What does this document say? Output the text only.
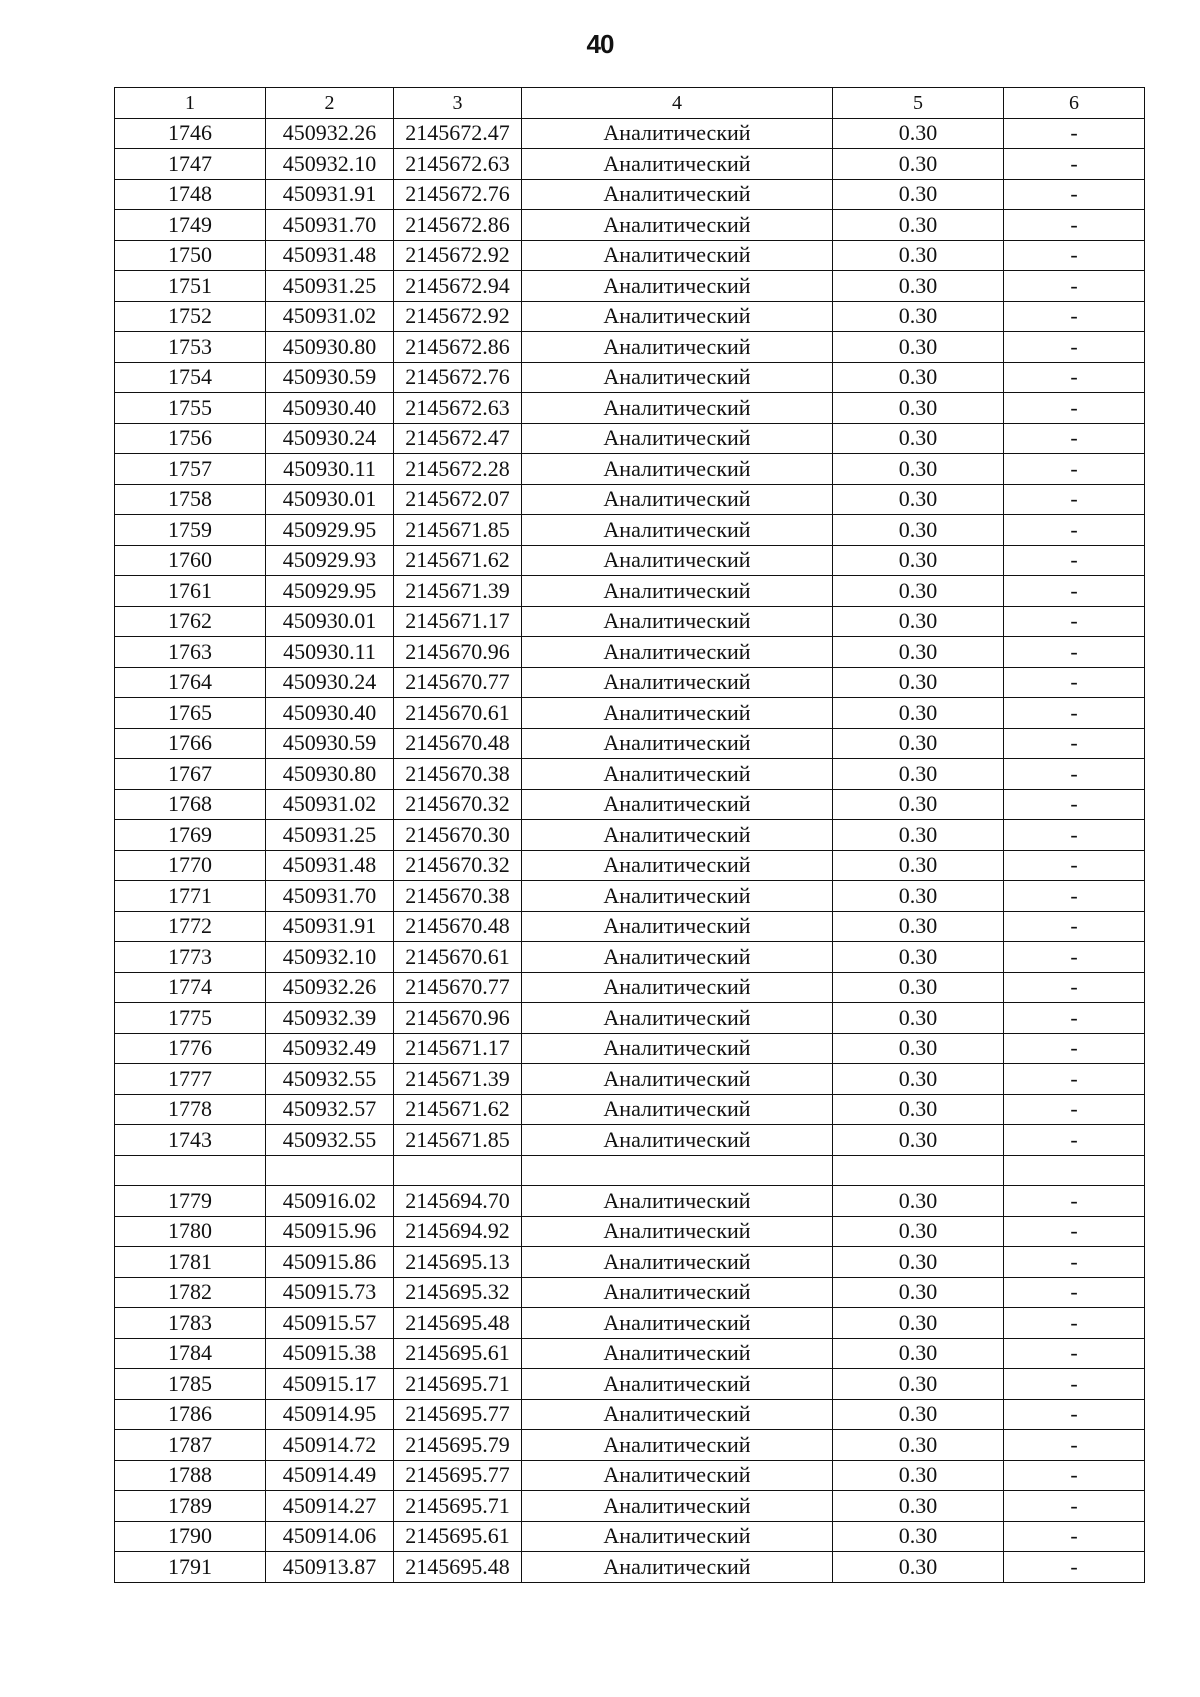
40
1	2	3	4	5	6
1746	450932.26	2145672.47	Аналитический	0.30	-
1747	450932.10	2145672.63	Аналитический	0.30	-
1748	450931.91	2145672.76	Аналитический	0.30	-
1749	450931.70	2145672.86	Аналитический	0.30	-
1750	450931.48	2145672.92	Аналитический	0.30	-
1751	450931.25	2145672.94	Аналитический	0.30	-
1752	450931.02	2145672.92	Аналитический	0.30	-
1753	450930.80	2145672.86	Аналитический	0.30	-
1754	450930.59	2145672.76	Аналитический	0.30	-
1755	450930.40	2145672.63	Аналитический	0.30	-
1756	450930.24	2145672.47	Аналитический	0.30	-
1757	450930.11	2145672.28	Аналитический	0.30	-
1758	450930.01	2145672.07	Аналитический	0.30	-
1759	450929.95	2145671.85	Аналитический	0.30	-
1760	450929.93	2145671.62	Аналитический	0.30	-
1761	450929.95	2145671.39	Аналитический	0.30	-
1762	450930.01	2145671.17	Аналитический	0.30	-
1763	450930.11	2145670.96	Аналитический	0.30	-
1764	450930.24	2145670.77	Аналитический	0.30	-
1765	450930.40	2145670.61	Аналитический	0.30	-
1766	450930.59	2145670.48	Аналитический	0.30	-
1767	450930.80	2145670.38	Аналитический	0.30	-
1768	450931.02	2145670.32	Аналитический	0.30	-
1769	450931.25	2145670.30	Аналитический	0.30	-
1770	450931.48	2145670.32	Аналитический	0.30	-
1771	450931.70	2145670.38	Аналитический	0.30	-
1772	450931.91	2145670.48	Аналитический	0.30	-
1773	450932.10	2145670.61	Аналитический	0.30	-
1774	450932.26	2145670.77	Аналитический	0.30	-
1775	450932.39	2145670.96	Аналитический	0.30	-
1776	450932.49	2145671.17	Аналитический	0.30	-
1777	450932.55	2145671.39	Аналитический	0.30	-
1778	450932.57	2145671.62	Аналитический	0.30	-
1743	450932.55	2145671.85	Аналитический	0.30	-

1779	450916.02	2145694.70	Аналитический	0.30	-
1780	450915.96	2145694.92	Аналитический	0.30	-
1781	450915.86	2145695.13	Аналитический	0.30	-
1782	450915.73	2145695.32	Аналитический	0.30	-
1783	450915.57	2145695.48	Аналитический	0.30	-
1784	450915.38	2145695.61	Аналитический	0.30	-
1785	450915.17	2145695.71	Аналитический	0.30	-
1786	450914.95	2145695.77	Аналитический	0.30	-
1787	450914.72	2145695.79	Аналитический	0.30	-
1788	450914.49	2145695.77	Аналитический	0.30	-
1789	450914.27	2145695.71	Аналитический	0.30	-
1790	450914.06	2145695.61	Аналитический	0.30	-
1791	450913.87	2145695.48	Аналитический	0.30	-
